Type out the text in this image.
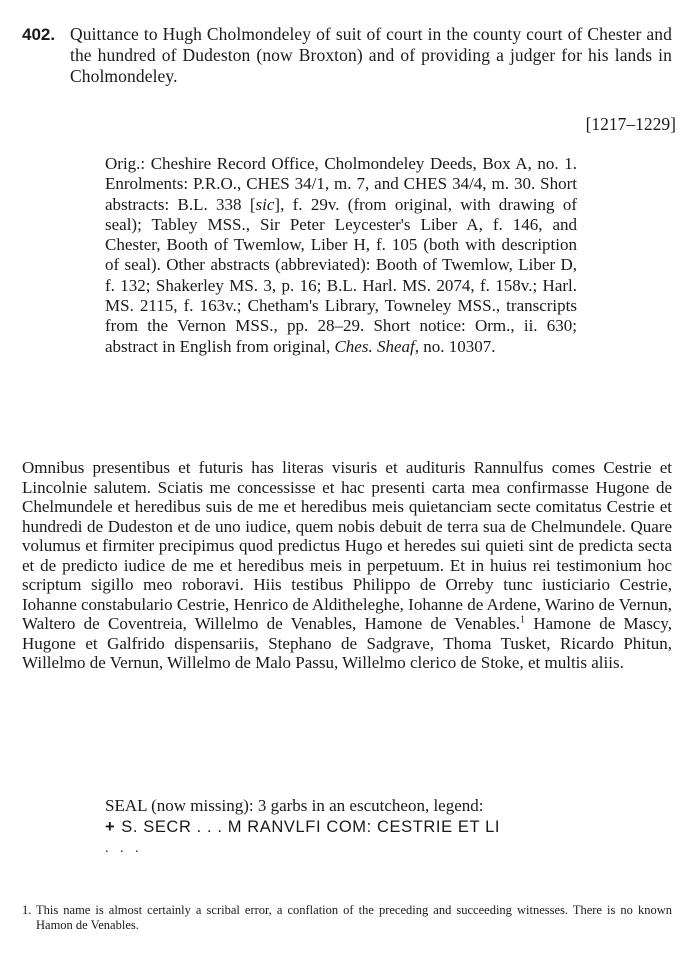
402. Quittance to Hugh Cholmondeley of suit of court in the county court of Chester and the hundred of Dudeston (now Broxton) and of providing a judger for his lands in Cholmondeley.
[1217–1229]
Orig.: Cheshire Record Office, Cholmondeley Deeds, Box A, no. 1. Enrolments: P.R.O., CHES 34/1, m. 7, and CHES 34/4, m. 30. Short abstracts: B.L. 338 [sic], f. 29v. (from original, with drawing of seal); Tabley MSS., Sir Peter Leycester's Liber A, f. 146, and Chester, Booth of Twemlow, Liber H, f. 105 (both with description of seal). Other abstracts (abbreviated): Booth of Twemlow, Liber D, f. 132; Shakerley MS. 3, p. 16; B.L. Harl. MS. 2074, f. 158v.; Harl. MS. 2115, f. 163v.; Chetham's Library, Towneley MSS., transcripts from the Vernon MSS., pp. 28–29. Short notice: Orm., ii. 630; abstract in English from original, Ches. Sheaf, no. 10307.
Omnibus presentibus et futuris has literas visuris et audituris Rannulfus comes Cestrie et Lincolnie salutem. Sciatis me concessisse et hac presenti carta mea confirmasse Hugone de Chelmundele et heredibus suis de me et heredibus meis quietanciam secte comitatus Cestrie et hundredi de Dudeston et de uno iudice, quem nobis debuit de terra sua de Chelmundele. Quare volumus et firmiter precipimus quod predictus Hugo et heredes sui quieti sint de predicta secta et de predicto iudice de me et heredibus meis in perpetuum. Et in huius rei testimonium hoc scriptum sigillo meo roboravi. Hiis testibus Philippo de Orreby tunc iusticiario Cestrie, Iohanne constabulario Cestrie, Henrico de Alditheleghe, Iohanne de Ardene, Warino de Vernun, Waltero de Coventreia, Willelmo de Venables, Hamone de Venables.$^1$ Hamone de Mascy, Hugone et Galfrido dispensariis, Stephano de Sadgrave, Thoma Tusket, Ricardo Phitun, Willelmo de Vernun, Willelmo de Malo Passu, Willelmo clerico de Stoke, et multis aliis.
SEAL (now missing): 3 garbs in an escutcheon, legend:
+ S. SECR . . . M RANVLFI COM: CESTRIE ET LI
. . .
1. This name is almost certainly a scribal error, a conflation of the preceding and succeeding witnesses. There is no known Hamon de Venables.
